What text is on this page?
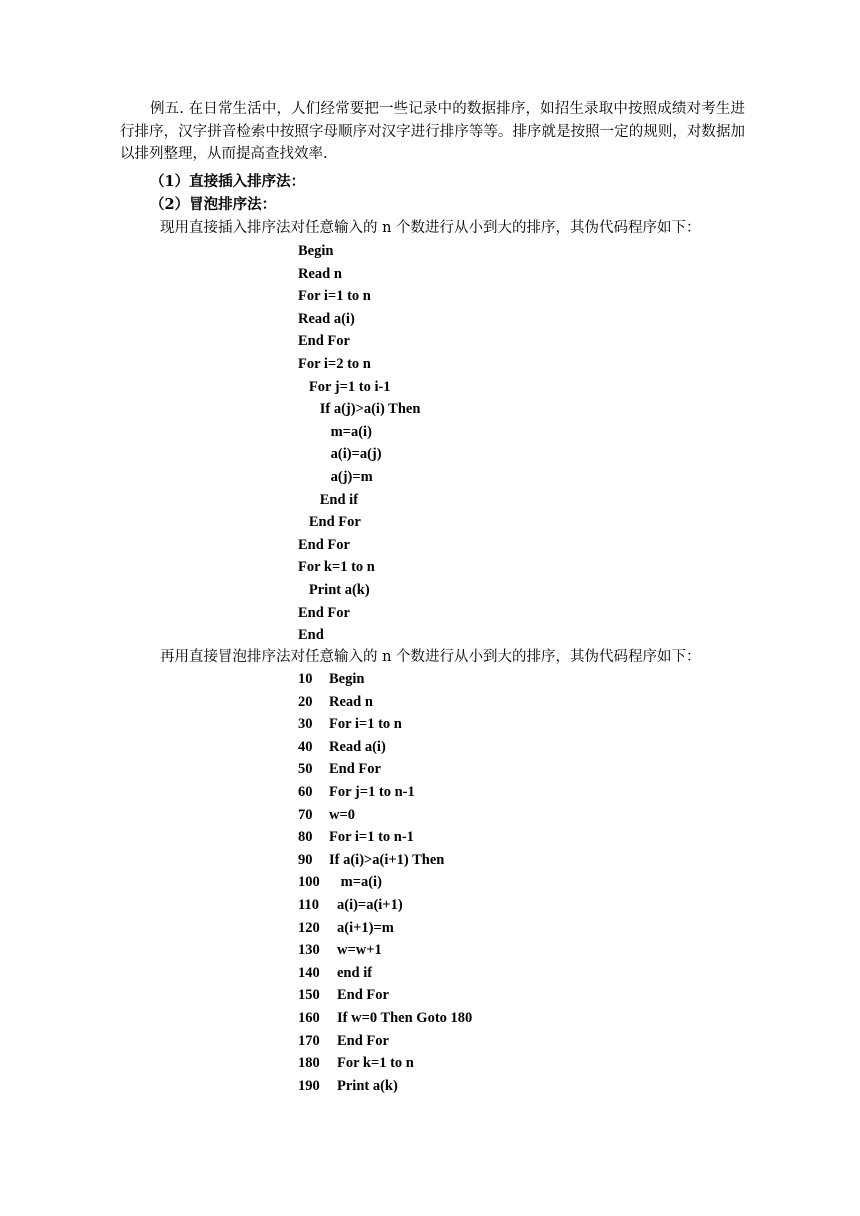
例五. 在日常生活中，人们经常要把一些记录中的数据排序，如招生录取中按照成绩对考生进行排序，汉字拼音检索中按照字母顺序对汉字进行排序等等。排序就是按照一定的规则，对数据加以排列整理，从而提高查找效率.

（1）直接插入排序法：
（2）冒泡排序法：
现用直接插入排序法对任意输入的 n 个数进行从小到大的排序，其伪代码程序如下：
Begin
Read n
For i=1 to n
Read a(i)
End For
For i=2 to n
For j=1 to i-1
If a(j)>a(i) Then
m=a(i)
a(i)=a(j)
a(j)=m
End if
End For
End For
For k=1 to n
Print a(k)
End For
End
再用直接冒泡排序法对任意输入的 n 个数进行从小到大的排序，其伪代码程序如下：
10 Begin
20 Read n
30 For i=1 to n
40 Read a(i)
50 End For
60 For j=1 to n-1
70 w=0
80 For i=1 to n-1
90 If a(i)>a(i+1) Then
100 m=a(i)
110 a(i)=a(i+1)
120 a(i+1)=m
130 w=w+1
140 end if
150 End For
160 If w=0 Then Goto 180
170 End For
180 For k=1 to n
190 Print a(k)
